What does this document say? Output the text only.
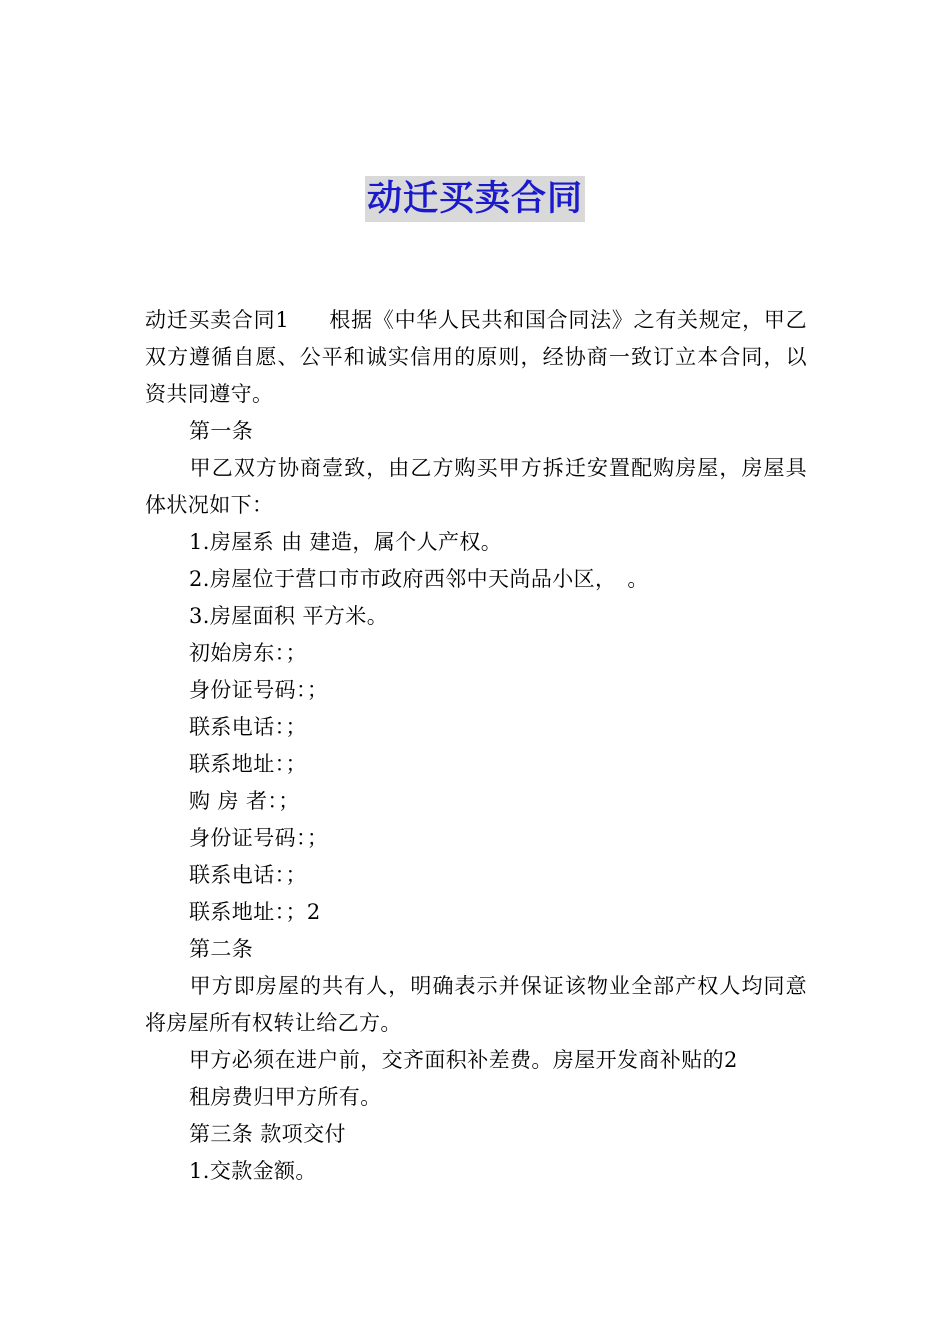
动迁买卖合同

动迁买卖合同1 根据《中华人民共和国合同法》之有关规定，甲乙双方遵循自愿、公平和诚实信用的原则，经协商一致订立本合同，以资共同遵守。

第一条

甲乙双方协商壹致，由乙方购买甲方拆迁安置配购房屋，房屋具体状况如下：

1.房屋系 由 建造，属个人产权。

2.房屋位于营口市市政府西邻中天尚品小区，　。

3.房屋面积 平方米。

初始房东：；

身份证号码：；

联系电话：；

联系地址：；

购 房 者：；

身份证号码：；

联系电话：；

联系地址：；2

第二条

甲方即房屋的共有人，明确表示并保证该物业全部产权人均同意将房屋所有权转让给乙方。

甲方必须在进户前，交齐面积补差费。房屋开发商补贴的2

租房费归甲方所有。

第三条 款项交付

1.交款金额。
